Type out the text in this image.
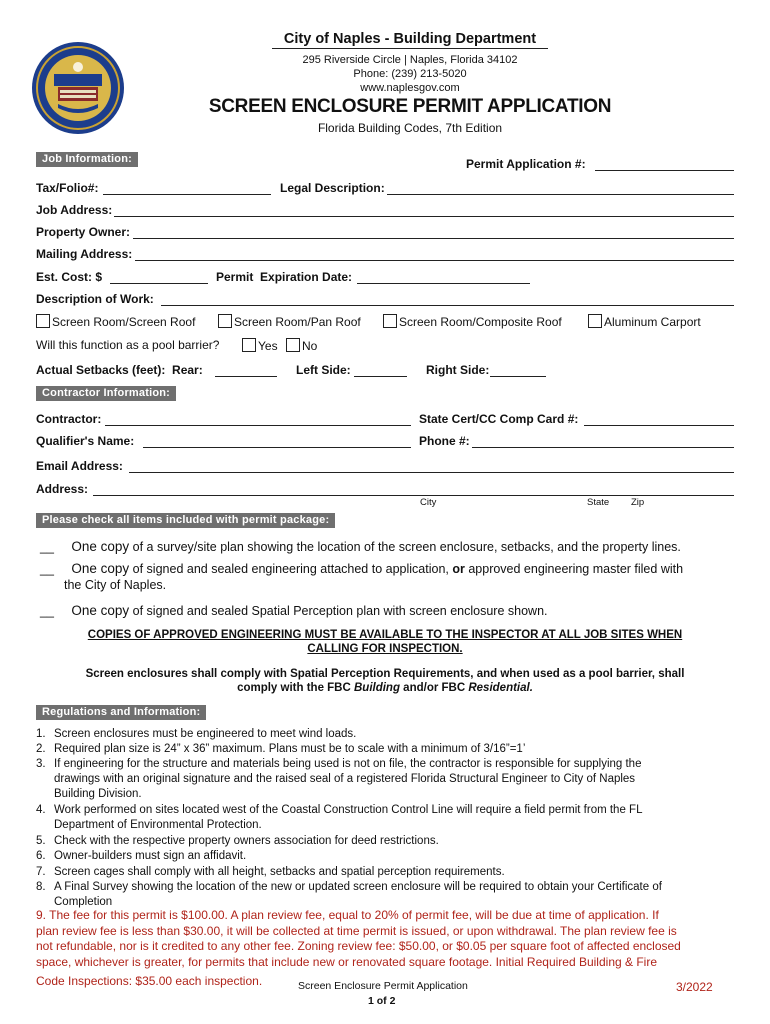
City of Naples - Building Department
295 Riverside Circle | Naples, Florida 34102
Phone: (239) 213-5020
www.naplesgov.com
SCREEN ENCLOSURE PERMIT APPLICATION
Florida Building Codes, 7th Edition
Job Information:	Permit Application #:
Tax/Folio#:	Legal Description:
Job Address:
Property Owner:
Mailing Address:
Est. Cost: $	Permit  Expiration Date:
Description of Work:
Screen Room/Screen Roof	Screen Room/Pan Roof	Screen Room/Composite Roof	Aluminum Carport
Will this function as a pool barrier?	Yes	No
Actual Setbacks (feet):  Rear:	Left Side:	Right Side:
Contractor Information:
Contractor:	State Cert/CC Comp Card #:
Qualifier's Name:	Phone #:
Email Address:
Address:
City	State Zip
Please check all items included with permit package:
__ One copy of a survey/site plan showing the location of the screen enclosure, setbacks, and the property lines.
__ One copy of signed and sealed engineering attached to application, or approved engineering master filed with
the City of Naples.
__ One copy of signed and sealed Spatial Perception plan with screen enclosure shown.
COPIES OF APPROVED ENGINEERING MUST BE AVAILABLE TO THE INSPECTOR AT ALL JOB SITES WHEN
CALLING FOR INSPECTION.
Screen enclosures shall comply with Spatial Perception Requirements, and when used as a pool barrier, shall
comply with the FBC Building and/or FBC Residential.
Regulations and Information:
1. Screen enclosures must be engineered to meet wind loads.
2. Required plan size is 24” x 36” maximum. Plans must be to scale with a minimum of 3/16”=1’
3. If engineering for the structure and materials being used is not on file, the contractor is responsible for supplying the
drawings with an original signature and the raised seal of a registered Florida Structural Engineer to City of Naples
Building Division.
4. Work performed on sites located west of the Coastal Construction Control Line will require a field permit from the FL
Department of Environmental Protection.
5. Check with the respective property owners association for deed restrictions.
6. Owner-builders must sign an affidavit.
7. Screen cages shall comply with all height, setbacks and spatial perception requirements.
8. A Final Survey showing the location of the new or updated screen enclosure will be required to obtain your Certificate of
Completion
9. The fee for this permit is $100.00. A plan review fee, equal to 20% of permit fee, will be due at time of application. If
plan review fee is less than $30.00, it will be collected at time permit is issued, or upon withdrawal. The plan review fee is
not refundable, nor is it credited to any other fee. Zoning review fee: $50.00, or $0.05 per square foot of affected enclosed
space, whichever is greater, for permits that include new or renovated square footage. Initial Required Building & Fire
Code Inspections: $35.00 each inspection.	Screen Enclosure Permit Application
1 of 2
3/2022
